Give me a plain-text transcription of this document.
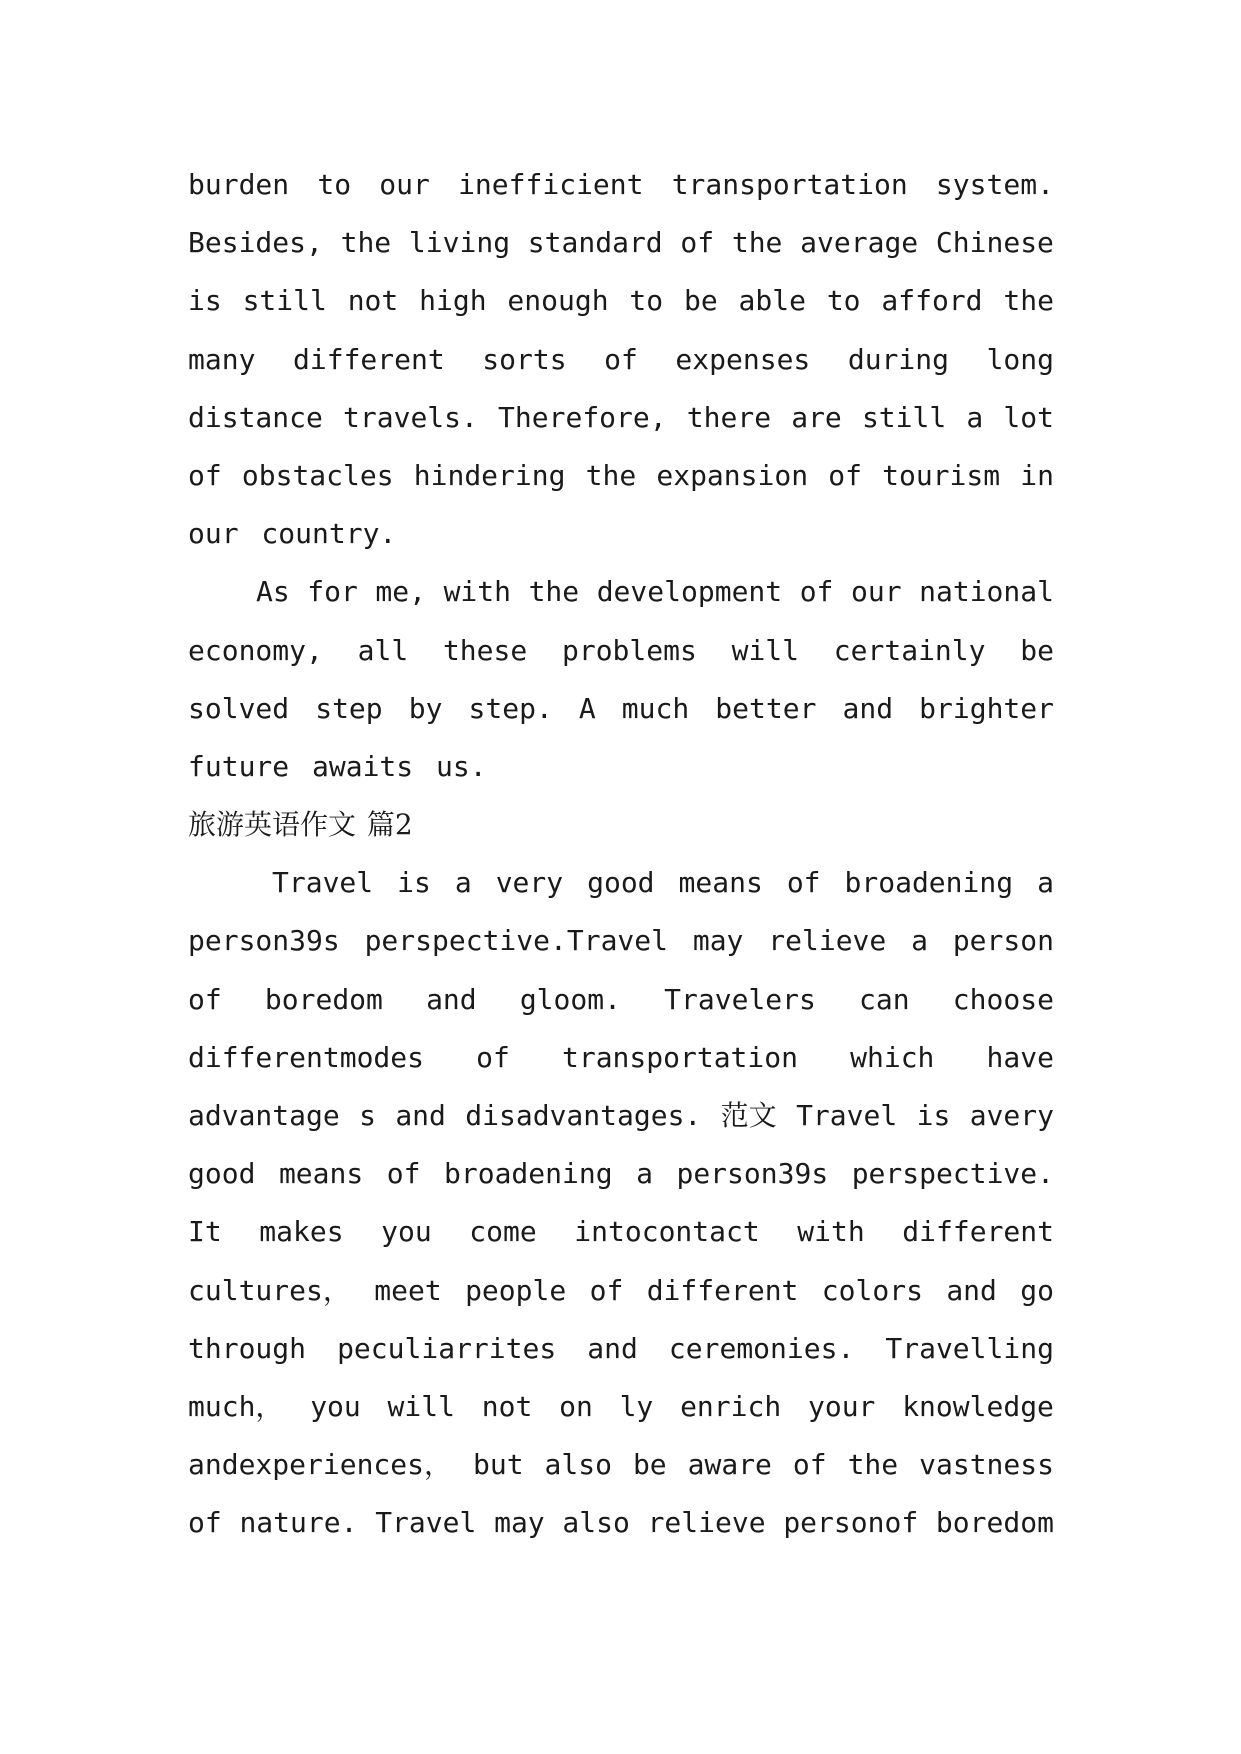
burden to our inefficient transportation system.
Besides, the living standard of the average Chinese
is still not high enough to be able to afford the
many different sorts of expenses during long
distance travels. Therefore, there are still a lot
of obstacles hindering the expansion of tourism in
our country.
As for me, with the development of our national
economy, all these problems will certainly be
solved step by step. A much better and brighter
future awaits us.
旅游英语作文 篇2
Travel is a very good means of broadening a
person39s perspective.Travel may relieve a person
of boredom and gloom. Travelers can choose
differentmodes of transportation which have
advantage s and disadvantages. 范文 Travel is avery
good means of broadening a person39s perspective.
It makes you come intocontact with different
cultures， meet people of different colors and go
through peculiarrites and ceremonies. Travelling
much， you will not on ly enrich your knowledge
andexperiences， but also be aware of the vastness
of nature. Travel may also relieve personof boredom
